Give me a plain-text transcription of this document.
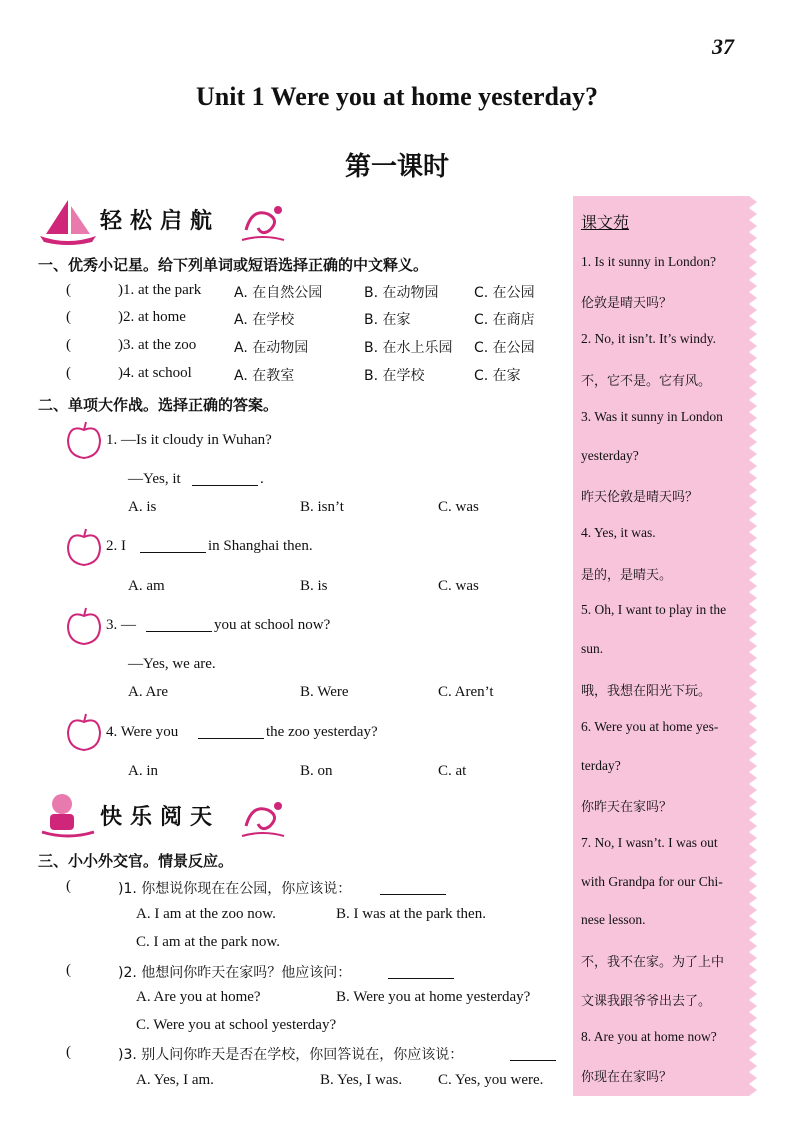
37
Unit 1 Were you at home yesterday?
第一课时
轻松启航
一、优秀小记星。给下列单词或短语选择正确的中文释义。
(	)1. at the park A. 在自然公园	B. 在动物园	C. 在公园
(	)2. at home	A. 在学校	B. 在家	C. 在商店
(	)3. at the zoo	A. 在动物园	B. 在水上乐园 C. 在公园
(	)4. at school	A. 在教室	B. 在学校	C. 在家
二、单项大作战。选择正确的答案。
1. —Is it cloudy in Wuhan?
—Yes, it	.
A. is	B. isn’t	C. was
2. I	in Shanghai then.
A. am	B. is	C. was
3. —	you at school now?
—Yes, we are.
A. Are	B. Were	C. Aren’t
4. Were you	the zoo yesterday?
A. in	B. on	C. at
快乐阅天
三、小小外交官。情景反应。
(	)1. 你想说你现在在公园，你应该说：
A. I am at the zoo now.	B. I was at the park then.
C. I am at the park now.
(	)2. 他想问你昨天在家吗？他应该问：
A. Are you at home?	B. Were you at home yesterday?
C. Were you at school yesterday?
(	)3. 别人问你昨天是否在学校，你回答说在，你应该说：
A. Yes, I am.	B. Yes, I was. C. Yes, you were.
课文苑
1. Is it sunny in London?
伦敦是晴天吗？
2. No, it isn’t. It’s windy.
不，它不是。它有风。
3. Was it sunny in London
yesterday?
昨天伦敦是晴天吗？
4. Yes, it was.
是的，是晴天。
5. Oh, I want to play in the
sun.
哦，我想在阳光下玩。
6. Were you at home yes-
terday?
你昨天在家吗？
7. No, I wasn’t. I was out
with Grandpa for our Chi-
nese lesson.
不，我不在家。为了上中
文课我跟爷爷出去了。
8. Are you at home now?
你现在在家吗？
